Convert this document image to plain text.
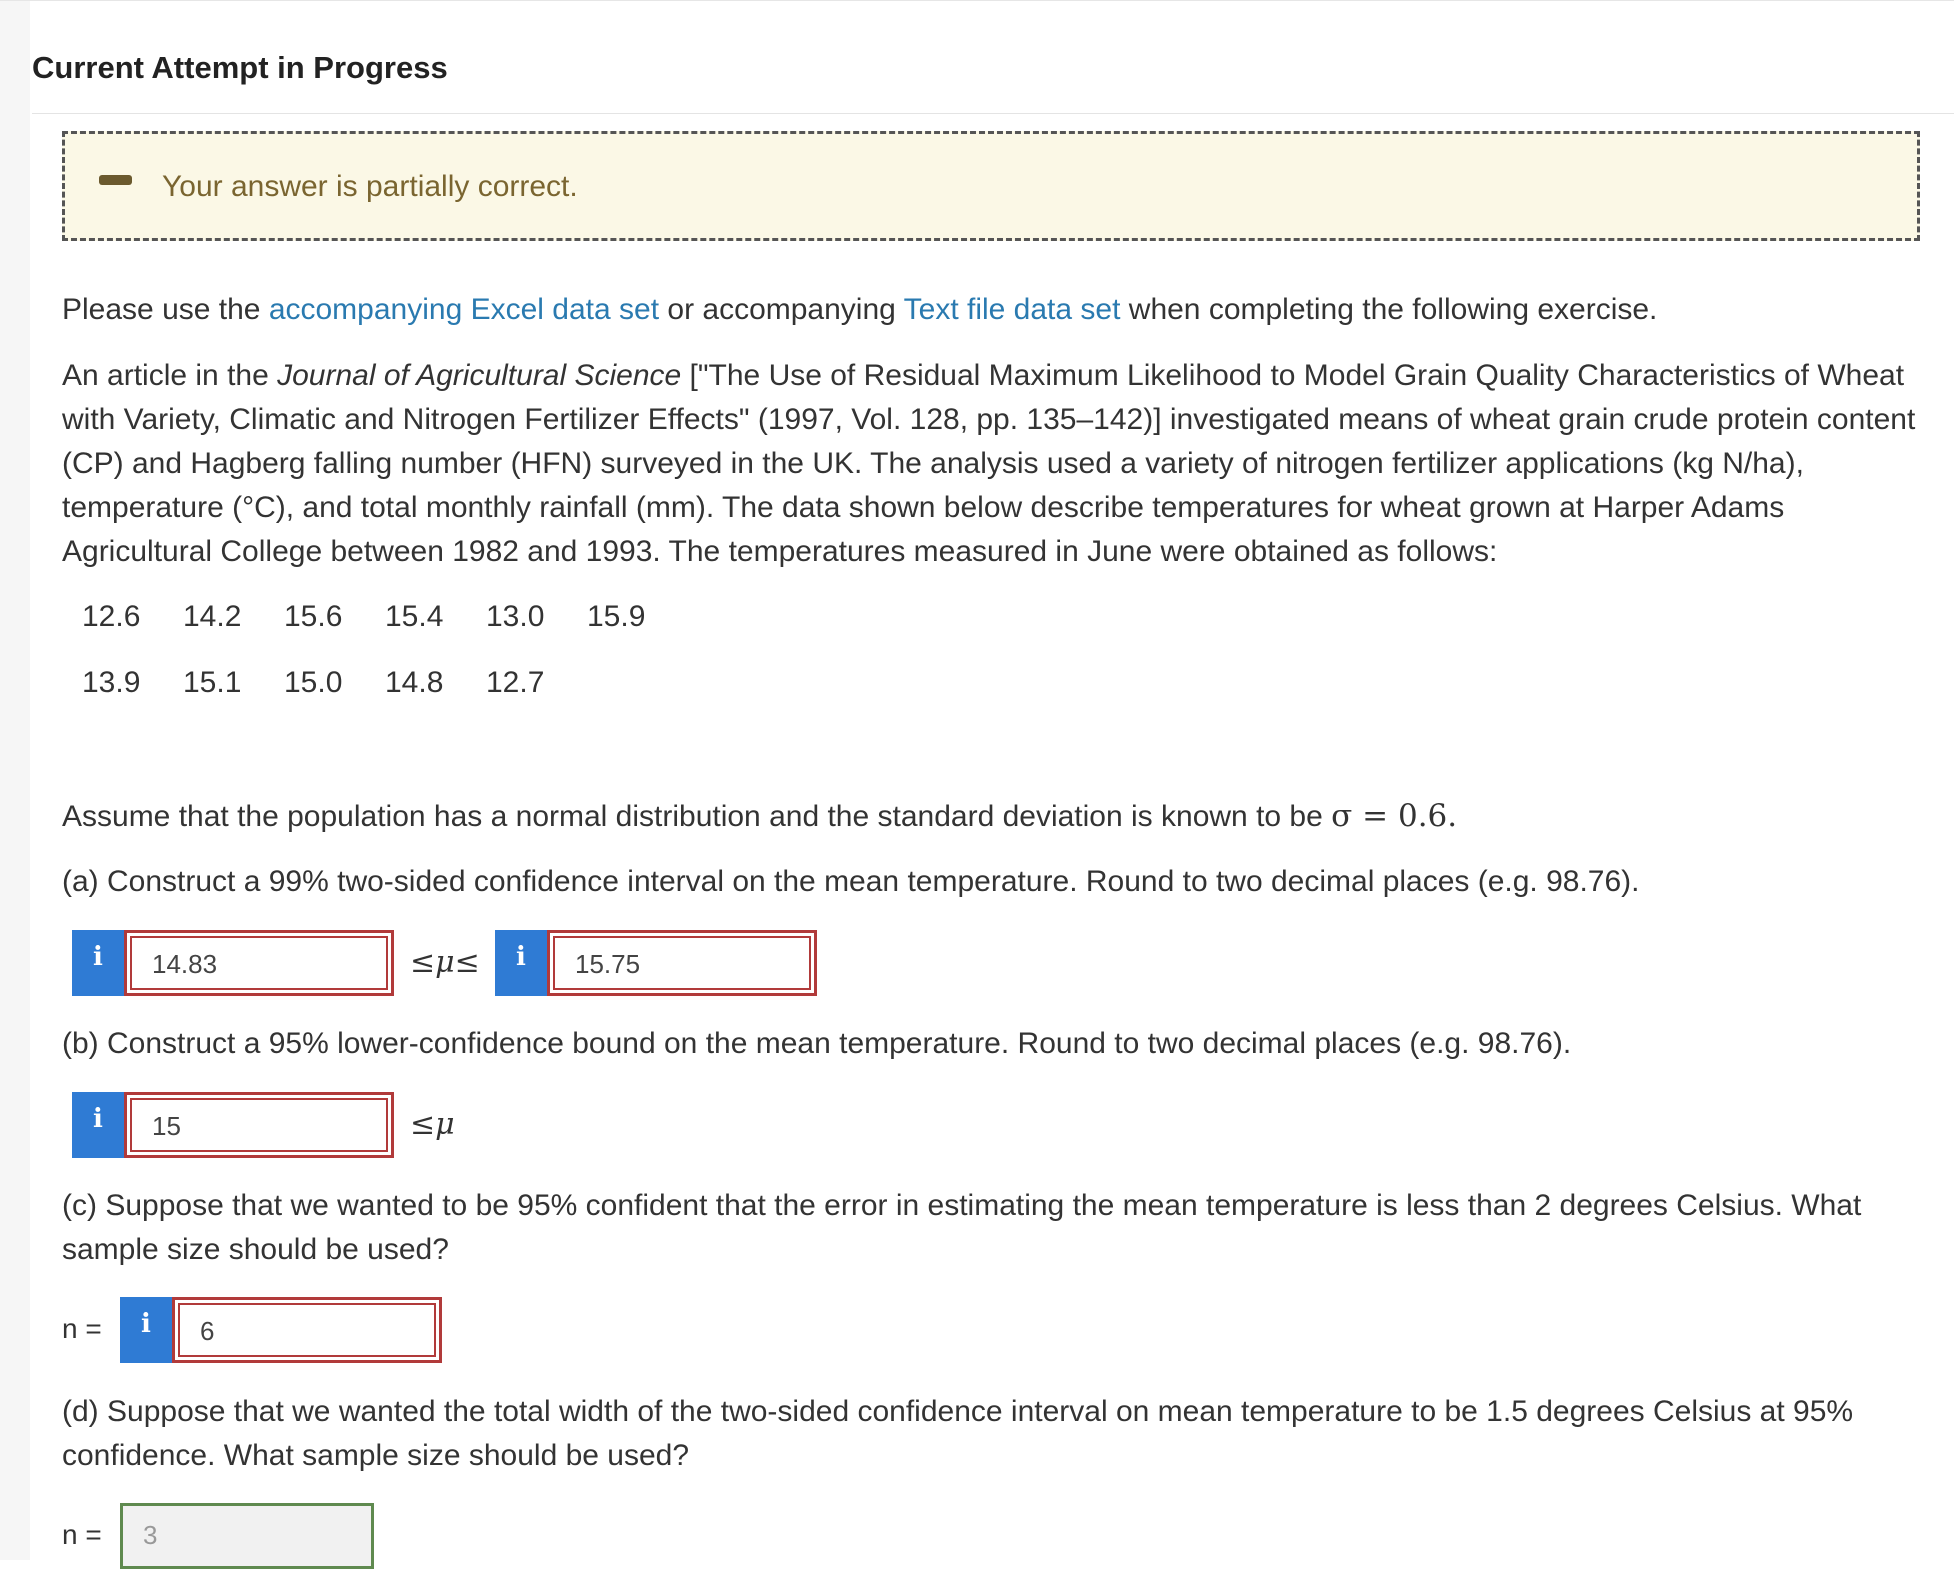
Current Attempt in Progress
Your answer is partially correct.

Please use the accompanying Excel data set or accompanying Text file data set when completing the following exercise.

An article in the Journal of Agricultural Science ["The Use of Residual Maximum Likelihood to Model Grain Quality Characteristics of Wheat with Variety, Climatic and Nitrogen Fertilizer Effects" (1997, Vol. 128, pp. 135–142)] investigated means of wheat grain crude protein content (CP) and Hagberg falling number (HFN) surveyed in the UK. The analysis used a variety of nitrogen fertilizer applications (kg N/ha), temperature (°C), and total monthly rainfall (mm). The data shown below describe temperatures for wheat grown at Harper Adams Agricultural College between 1982 and 1993. The temperatures measured in June were obtained as follows:

12.6 14.2 15.6 15.4 13.0 15.9
13.9 15.1 15.0 14.8 12.7

Assume that the population has a normal distribution and the standard deviation is known to be σ = 0.6.

(a) Construct a 99% two-sided confidence interval on the mean temperature. Round to two decimal places (e.g. 98.76).

i	14.83	≤μ≤	i	15.75

(b) Construct a 95% lower-confidence bound on the mean temperature. Round to two decimal places (e.g. 98.76).

i	15	≤μ

(c) Suppose that we wanted to be 95% confident that the error in estimating the mean temperature is less than 2 degrees Celsius. What sample size should be used?

n =	i	6

(d) Suppose that we wanted the total width of the two-sided confidence interval on mean temperature to be 1.5 degrees Celsius at 95% confidence. What sample size should be used?

n =	3
